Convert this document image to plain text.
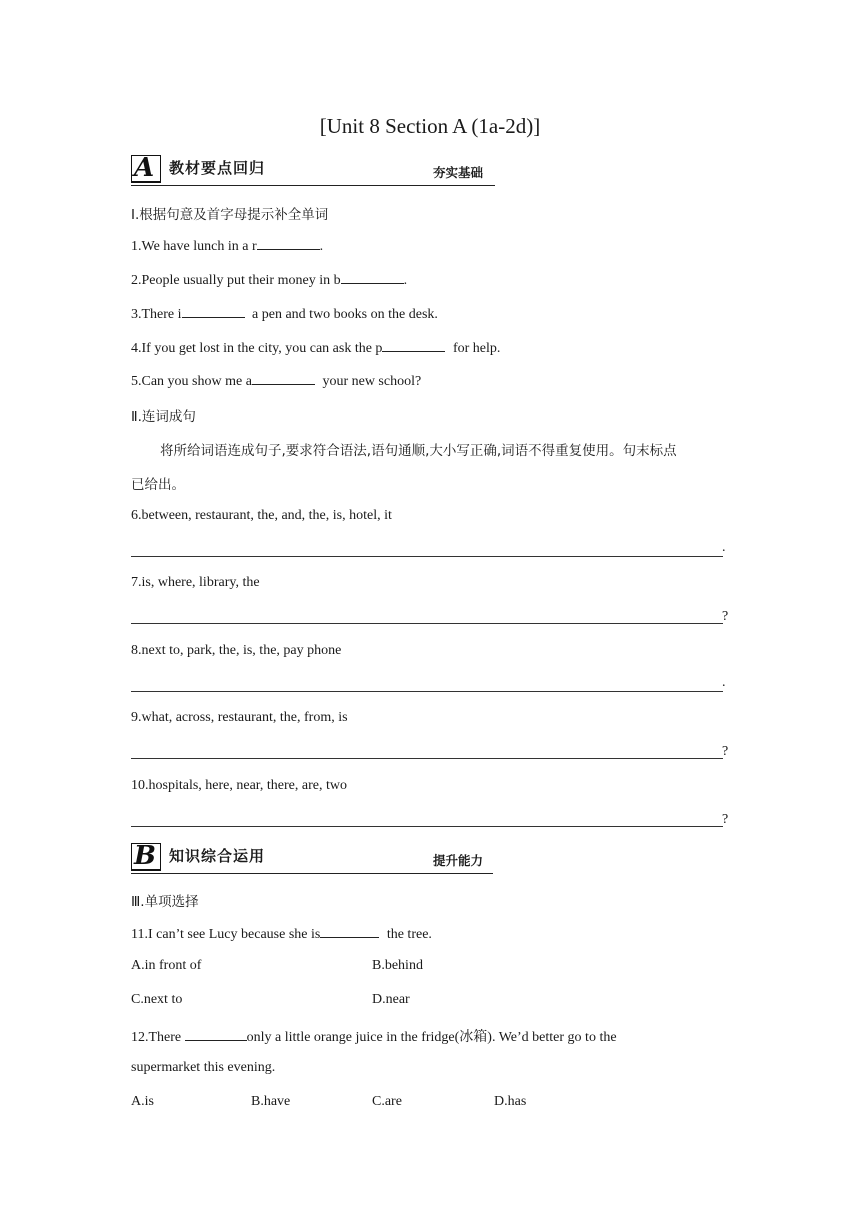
[Unit 8 Section A (1a-2d)]
A 教材要点回归	夯实基础
Ⅰ.根据句意及首字母提示补全单词
1.We have lunch in a r	.
2.People usually put their money in b	.
3.There i	a pen and two books on the desk.
4.If you get lost in the city, you can ask the p	for help.
5.Can you show me a	your new school?
Ⅱ.连词成句
将所给词语连成句子,要求符合语法,语句通顺,大小写正确,词语不得重复使用。句末标点
已给出。
6.between, restaurant, the, and, the, is, hotel, it
.
7.is, where, library, the
?
8.next to, park, the, is, the, pay phone
.
9.what, across, restaurant, the, from, is
?
10.hospitals, here, near, there, are, two
?
B 知识综合运用	提升能力
Ⅲ.单项选择
11.I can’t see Lucy because she is	the tree.
A.in front of	B.behind
C.next to	D.near
12.There	only a little orange juice in the fridge(冰箱). We’d better go to the
supermarket this evening.
A.is	B.have	C.are	D.has
